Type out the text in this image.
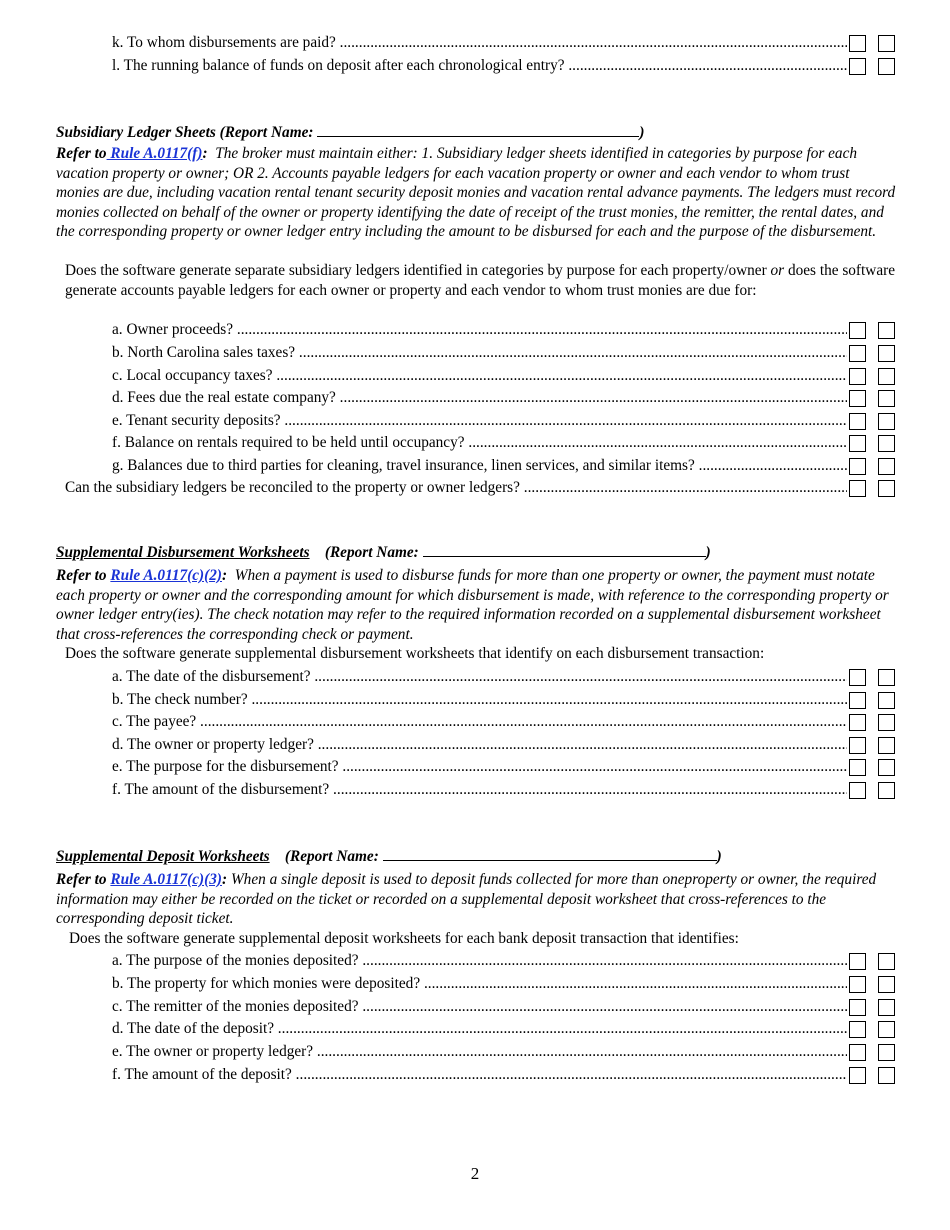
k. To whom disbursements are paid? .....
l. The running balance of funds on deposit after each chronological entry? .....
Subsidiary Ledger Sheets (Report Name:	)
Refer to Rule A.0117(f): The broker must maintain either: 1. Subsidiary ledger sheets identified in categories by purpose for each vacation property or owner; OR 2. Accounts payable ledgers for each vacation property or owner and each vendor to whom trust monies are due, including vacation rental tenant security deposit monies and vacation rental advance payments. The ledgers must record monies collected on behalf of the owner or property identifying the date of receipt of the trust monies, the remitter, the rental dates, and the corresponding property or owner ledger entry including the amount to be disbursed for each and the purpose of the disbursement.
Does the software generate separate subsidiary ledgers identified in categories by purpose for each property/owner or does the software generate accounts payable ledgers for each owner or property and each vendor to whom trust monies are due for:
a. Owner proceeds? .....
b. North Carolina sales taxes? .....
c. Local occupancy taxes? .....
d. Fees due the real estate company? .....
e. Tenant security deposits? .....
f. Balance on rentals required to be held until occupancy? .....
g. Balances due to third parties for cleaning, travel insurance, linen services, and similar items? .....
Can the subsidiary ledgers be reconciled to the property or owner ledgers? .....
Supplemental Disbursement Worksheets (Report Name:	)
Refer to Rule A.0117(c)(2): When a payment is used to disburse funds for more than one property or owner, the payment must notate each property or owner and the corresponding amount for which disbursement is made, with reference to the corresponding property or owner ledger entry(ies). The check notation may refer to the required information recorded on a supplemental disbursement worksheet that cross-references the corresponding check or payment.
Does the software generate supplemental disbursement worksheets that identify on each disbursement transaction:
a. The date of the disbursement? .....
b. The check number? .....
c. The payee? .....
d. The owner or property ledger? .....
e. The purpose for the disbursement? .....
f. The amount of the disbursement? .....
Supplemental Deposit Worksheets (Report Name:	)
Refer to Rule A.0117(c)(3): When a single deposit is used to deposit funds collected for more than oneproperty or owner, the required information may either be recorded on the ticket or recorded on a supplemental deposit worksheet that cross-references to the corresponding deposit ticket.
Does the software generate supplemental deposit worksheets for each bank deposit transaction that identifies:
a. The purpose of the monies deposited? .....
b. The property for which monies were deposited? .....
c. The remitter of the monies deposited? .....
d. The date of the deposit? .....
e. The owner or property ledger? .....
f. The amount of the deposit? .....
2
